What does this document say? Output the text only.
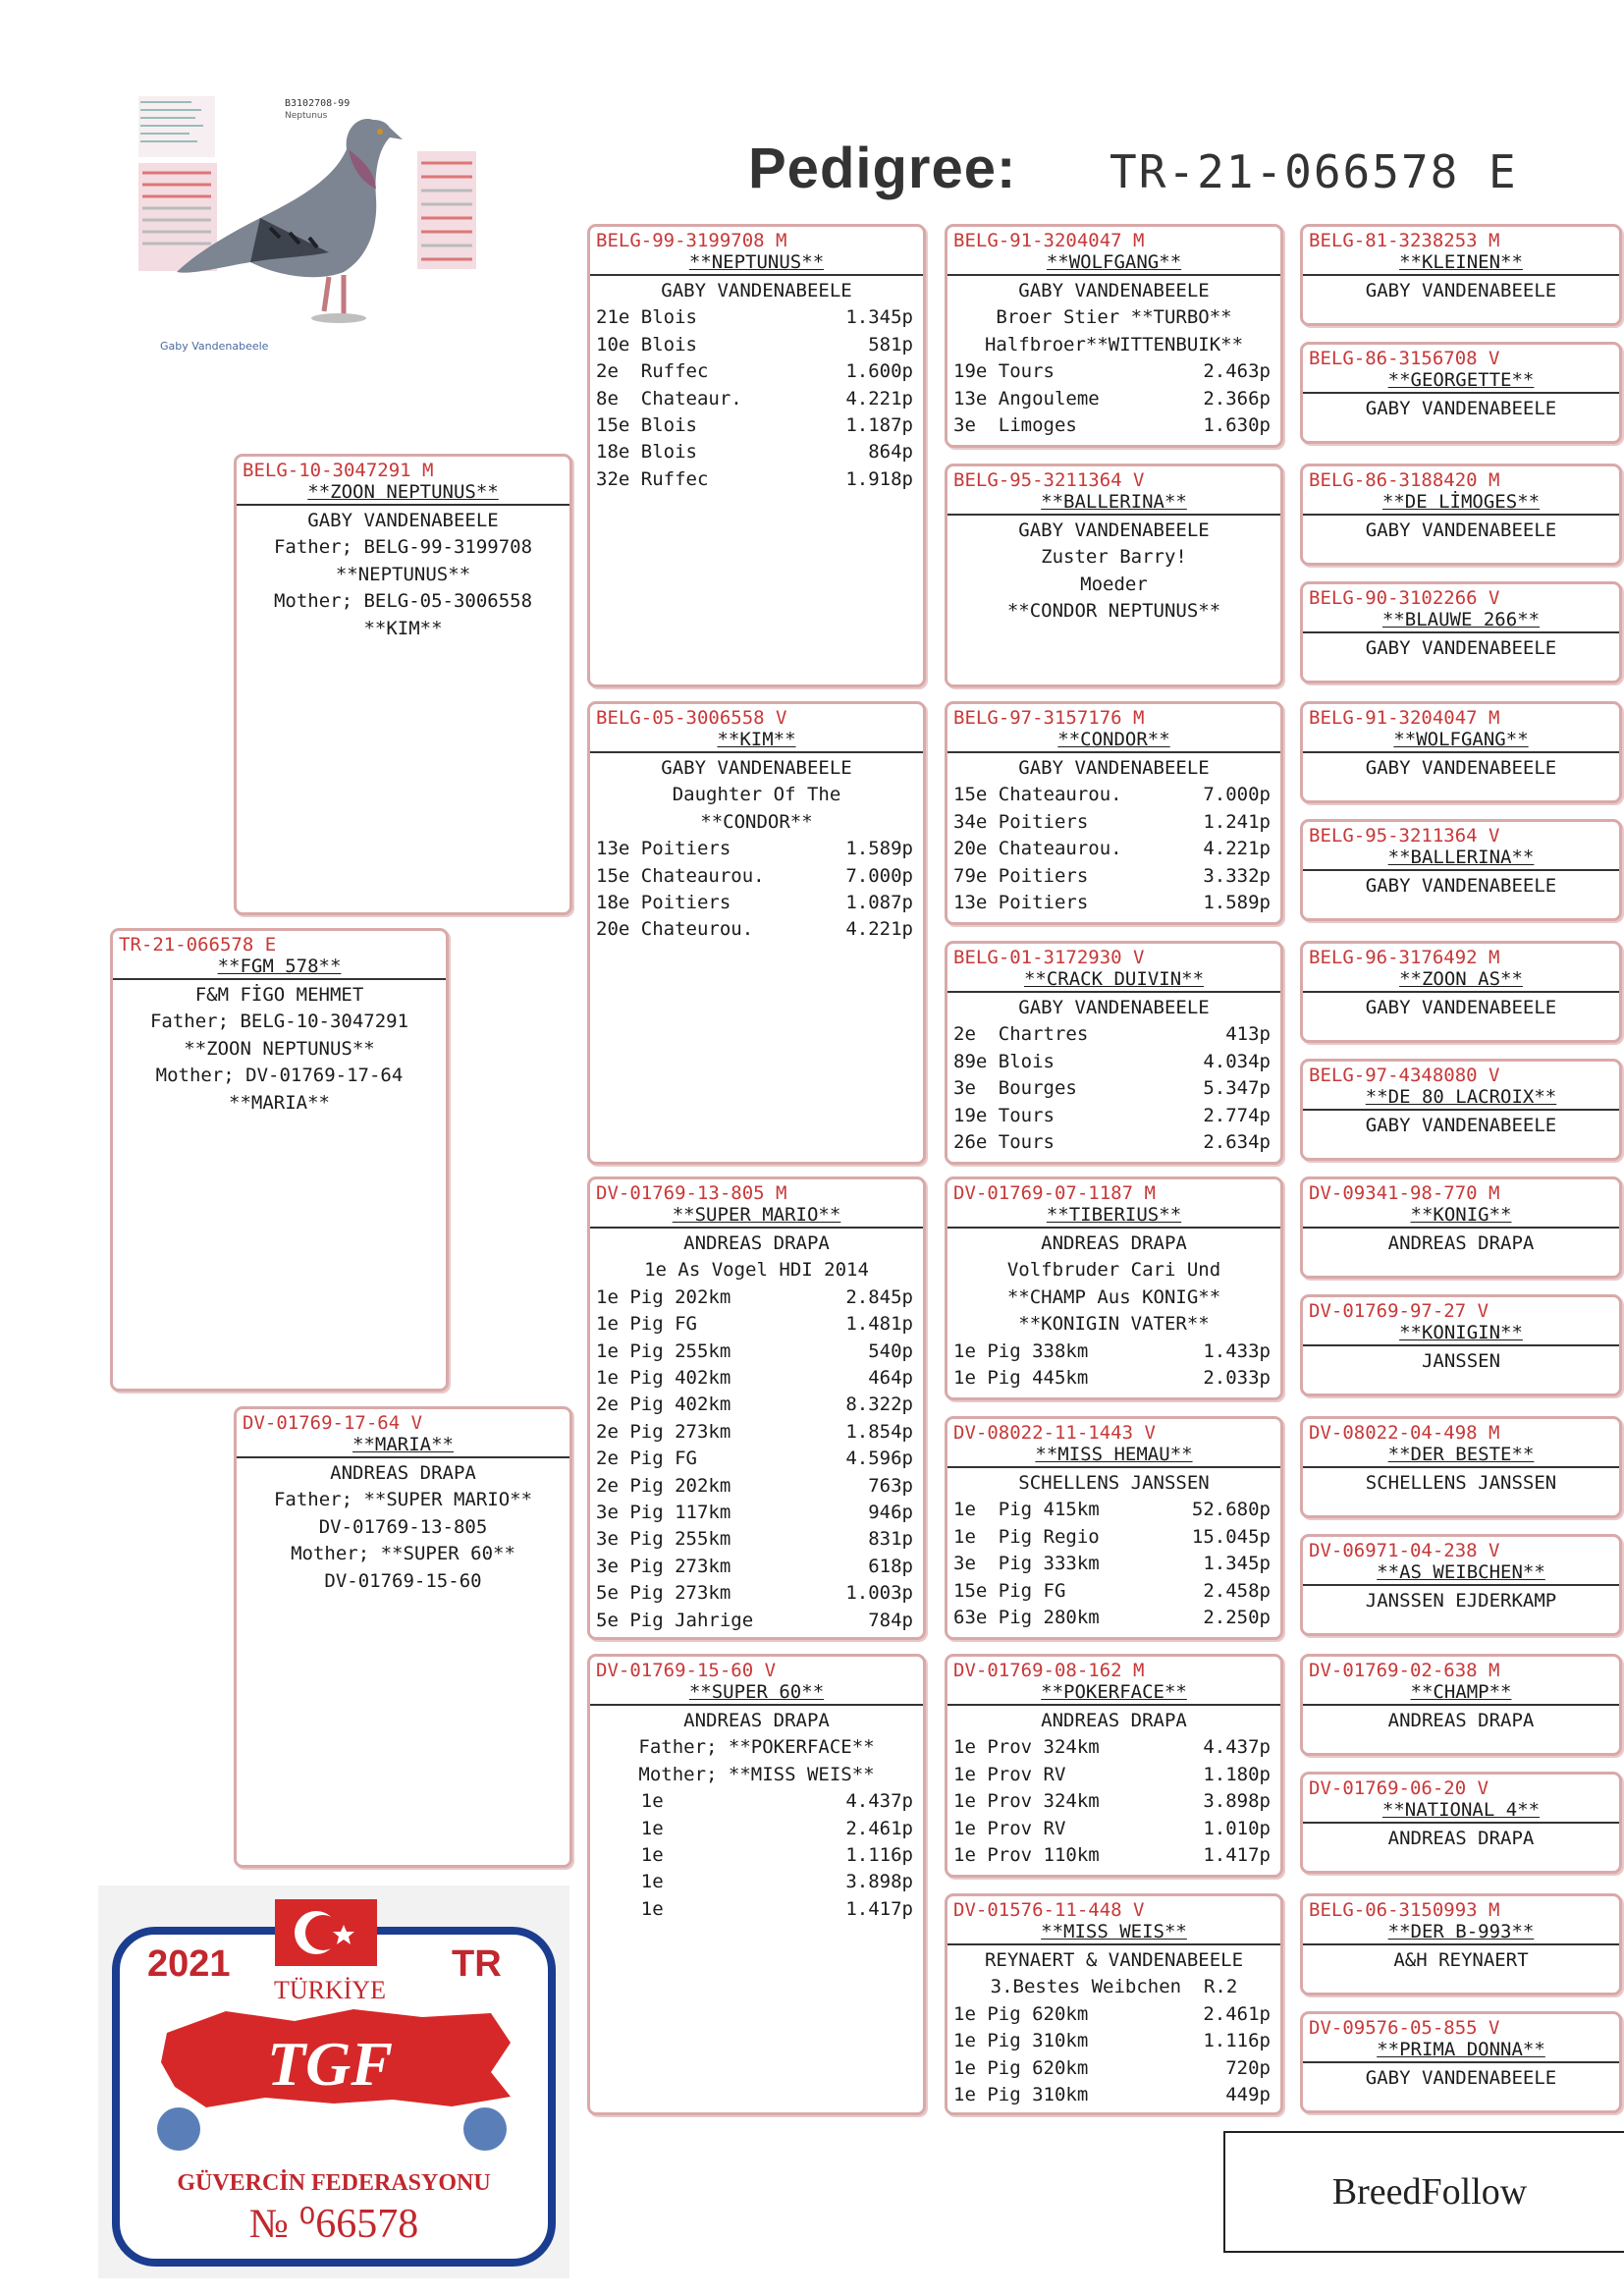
Pedigree: TR-21-066578 E
B3102708-99
Neptunus
Gaby Vandenabeele
TR-21-066578 E
**FGM 578**
F&M FİGO MEHMET
Father; BELG-10-3047291
**ZOON NEPTUNUS**
Mother; DV-01769-17-64
**MARIA**
BELG-10-3047291 M
**ZOON NEPTUNUS**
GABY VANDENABEELE
Father; BELG-99-3199708
**NEPTUNUS**
Mother; BELG-05-3006558
**KIM**
DV-01769-17-64 V
**MARIA**
ANDREAS DRAPA
Father; **SUPER MARIO**
DV-01769-13-805
Mother; **SUPER 60**
DV-01769-15-60
BELG-99-3199708 M
**NEPTUNUS**
GABY VANDENABEELE
21e Blois	1.345p
10e Blois	581p
2e  Ruffec	1.600p
8e  Chateaur.	4.221p
15e Blois	1.187p
18e Blois	864p
32e Ruffec	1.918p
BELG-05-3006558 V
**KIM**
GABY VANDENABEELE
Daughter Of The
**CONDOR**
13e Poitiers	1.589p
15e Chateaurou.	7.000p
18e Poitiers	1.087p
20e Chateurou.	4.221p
DV-01769-13-805 M
**SUPER MARIO**
ANDREAS DRAPA
1e As Vogel HDI 2014
1e Pig 202km	2.845p
1e Pig FG	1.481p
1e Pig 255km	540p
1e Pig 402km	464p
2e Pig 402km	8.322p
2e Pig 273km	1.854p
2e Pig FG	4.596p
2e Pig 202km	763p
3e Pig 117km	946p
3e Pig 255km	831p
3e Pig 273km	618p
5e Pig 273km	1.003p
5e Pig Jahrige	784p
DV-01769-15-60 V
**SUPER 60**
ANDREAS DRAPA
Father; **POKERFACE**
Mother; **MISS WEIS**
1e	4.437p
1e	2.461p
1e	1.116p
1e	3.898p
1e	1.417p
BELG-91-3204047 M
**WOLFGANG**
GABY VANDENABEELE
Broer Stier **TURBO**
Halfbroer**WITTENBUIK**
19e Tours	2.463p
13e Angouleme	2.366p
3e  Limoges	1.630p
BELG-95-3211364 V
**BALLERINA**
GABY VANDENABEELE
Zuster Barry!
Moeder
**CONDOR NEPTUNUS**
BELG-97-3157176 M
**CONDOR**
GABY VANDENABEELE
15e Chateaurou.	7.000p
34e Poitiers	1.241p
20e Chateaurou.	4.221p
79e Poitiers	3.332p
13e Poitiers	1.589p
BELG-01-3172930 V
**CRACK DUIVIN**
GABY VANDENABEELE
2e  Chartres	413p
89e Blois	4.034p
3e  Bourges	5.347p
19e Tours	2.774p
26e Tours	2.634p
DV-01769-07-1187 M
**TIBERIUS**
ANDREAS DRAPA
Volfbruder Cari Und
**CHAMP Aus KONIG**
**KONIGIN VATER**
1e Pig 338km	1.433p
1e Pig 445km	2.033p
DV-08022-11-1443 V
**MISS HEMAU**
SCHELLENS JANSSEN
1e  Pig 415km	52.680p
1e  Pig Regio	15.045p
3e  Pig 333km	1.345p
15e Pig FG	2.458p
63e Pig 280km	2.250p
DV-01769-08-162 M
**POKERFACE**
ANDREAS DRAPA
1e Prov 324km	4.437p
1e Prov RV	1.180p
1e Prov 324km	3.898p
1e Prov RV	1.010p
1e Prov 110km	1.417p
DV-01576-11-448 V
**MISS WEIS**
REYNAERT & VANDENABEELE
3.Bestes Weibchen  R.2
1e Pig 620km	2.461p
1e Pig 310km	1.116p
1e Pig 620km	720p
1e Pig 310km	449p
BELG-81-3238253 M
**KLEINEN**
GABY VANDENABEELE
BELG-86-3156708 V
**GEORGETTE**
GABY VANDENABEELE
BELG-86-3188420 M
**DE LİMOGES**
GABY VANDENABEELE
BELG-90-3102266 V
**BLAUWE 266**
GABY VANDENABEELE
BELG-91-3204047 M
**WOLFGANG**
GABY VANDENABEELE
BELG-95-3211364 V
**BALLERINA**
GABY VANDENABEELE
BELG-96-3176492 M
**ZOON AS**
GABY VANDENABEELE
BELG-97-4348080 V
**DE 80 LACROIX**
GABY VANDENABEELE
DV-09341-98-770 M
**KONIG**
ANDREAS DRAPA
DV-01769-97-27 V
**KONIGIN**
JANSSEN
DV-08022-04-498 M
**DER BESTE**
SCHELLENS JANSSEN
DV-06971-04-238 V
**AS WEIBCHEN**
JANSSEN EJDERKAMP
DV-01769-02-638 M
**CHAMP**
ANDREAS DRAPA
DV-01769-06-20 V
**NATIONAL 4**
ANDREAS DRAPA
BELG-06-3150993 M
**DER B-993**
A&H REYNAERT
DV-09576-05-855 V
**PRIMA DONNA**
GABY VANDENABEELE
2021	TR
TÜRKİYE
TGF
GÜVERCİN FEDERASYONU
№ ⁰66578
BreedFollow
